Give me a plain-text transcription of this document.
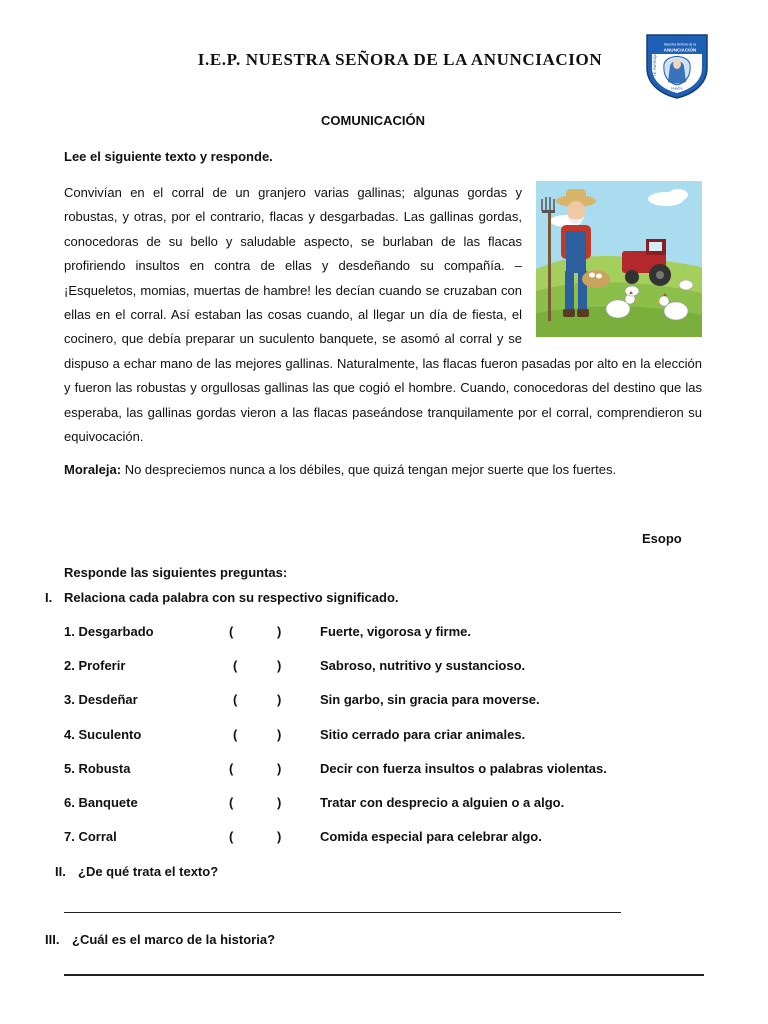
I.E.P. NUESTRA SEÑORA DE LA ANUNCIACION
Nuestra Señora de la
ANUNCIACIÓN
I.E. PARROQUIAL
Huacho
COMUNICACIÓN
Lee el siguiente texto y responde.
Convivían en el corral de un granjero varias gallinas; algunas gordas y robustas, y otras, por el contrario, flacas y desgarbadas. Las gallinas gordas, conocedoras de su bello y saludable aspecto, se burlaban de las flacas profiriendo insultos en contra de ellas y desdeñando su compañía. – ¡Esqueletos, momias, muertas de hambre! les decían cuando se cruzaban con ellas en el corral. Así estaban las cosas cuando, al llegar un día de fiesta, el cocinero, que debía preparar un suculento banquete, se asomó al corral y se dispuso a echar mano de las mejores gallinas. Naturalmente, las flacas fueron pasadas por alto en la elección y fueron las robustas y orgullosas gallinas las que cogió el hombre. Cuando, conocedoras del destino que las esperaba, las gallinas gordas vieron a las flacas paseándose tranquilamente por el corral, comprendieron su equivocación.
Moraleja: No despreciemos nunca a los débiles, que quizá tengan mejor suerte que los fuertes.
Esopo
Responde las siguientes preguntas:
I. Relaciona cada palabra con su respectivo significado.
1. Desgarbado	(	)	Fuerte, vigorosa y firme.
2. Proferir	(	)	Sabroso, nutritivo y sustancioso.
3. Desdeñar	(	)	Sin garbo, sin gracia para moverse.
4. Suculento	(	)	Sitio cerrado para criar animales.
5. Robusta	(	)	Decir con fuerza insultos o palabras violentas.
6. Banquete	(	)	Tratar con desprecio a alguien o a algo.
7. Corral	(	)	Comida especial para celebrar algo.
II. ¿De qué trata el texto?
III. ¿Cuál es el marco de la historia?
